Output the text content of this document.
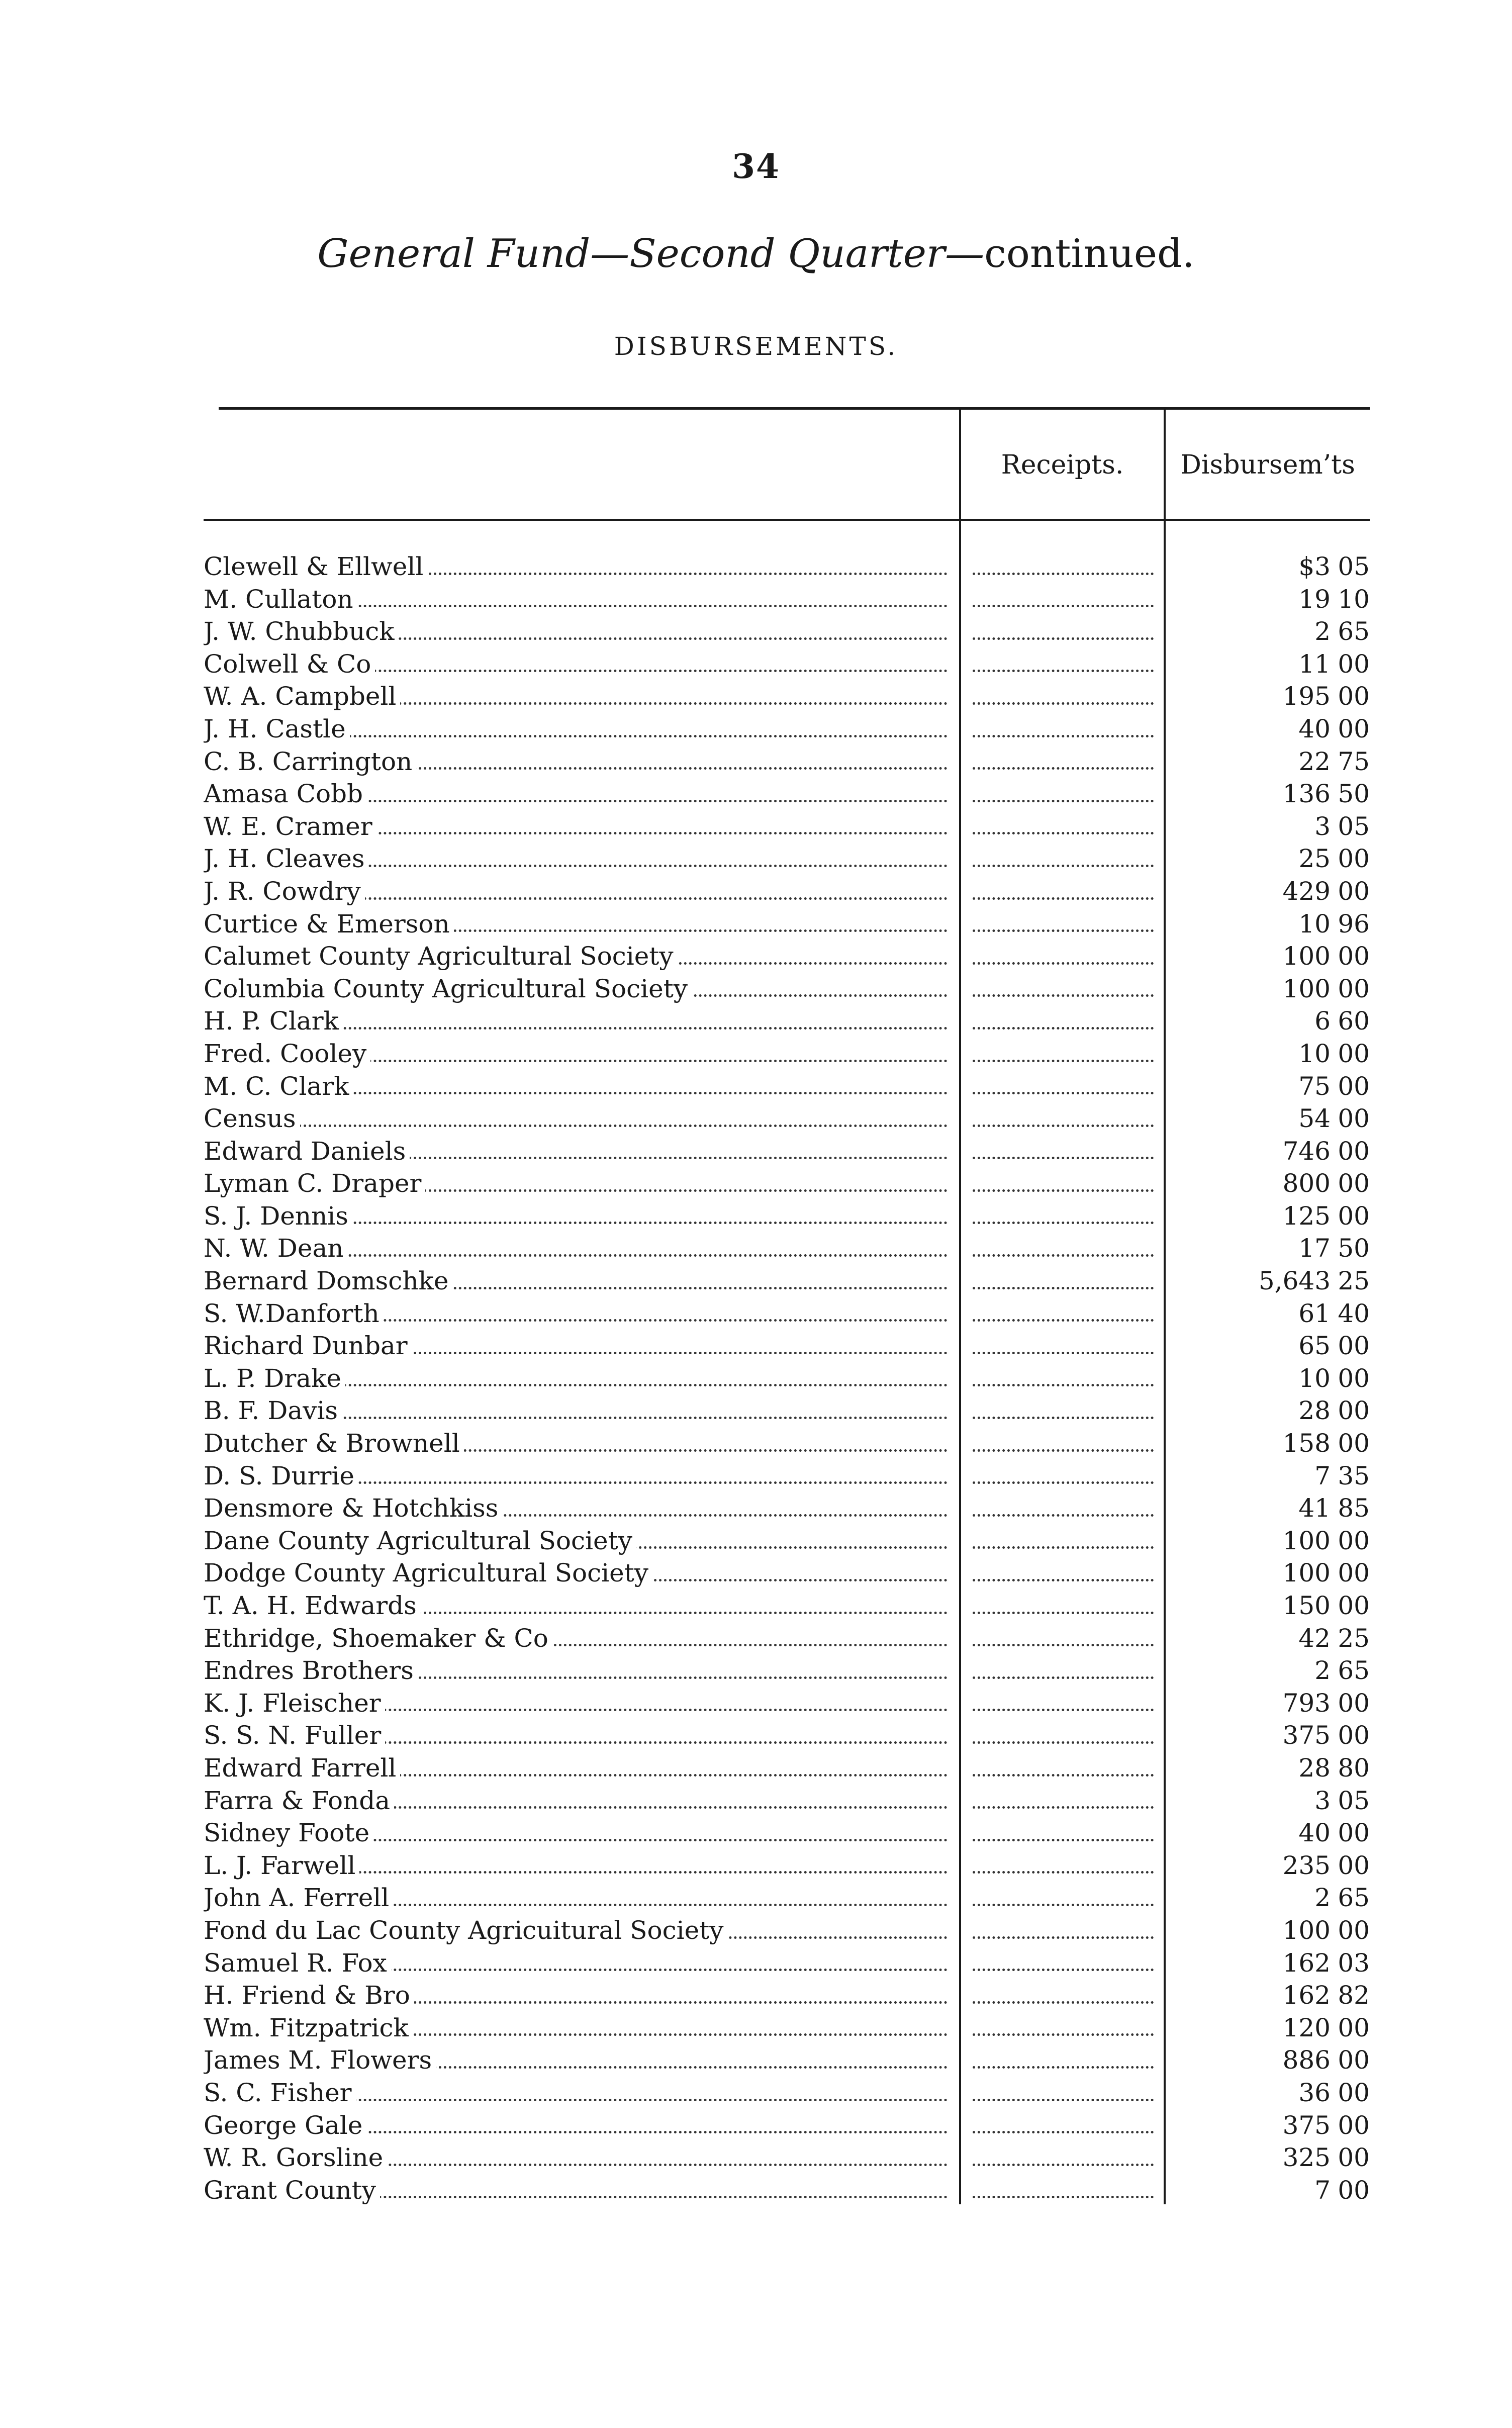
34
General Fund—Second Quarter—continued.
DISBURSEMENTS.
Receipts.	Disbursem’ts
Clewell & Ellwell	$3 05
M. Cullaton	19 10
J. W. Chubbuck	2 65
Colwell & Co	11 00
W. A. Campbell	195 00
J. H. Castle	40 00
C. B. Carrington	22 75
Amasa Cobb	136 50
W. E. Cramer	3 05
J. H. Cleaves	25 00
J. R. Cowdry	429 00
Curtice & Emerson	10 96
Calumet County Agricultural Society	100 00
Columbia County Agricultural Society	100 00
H. P. Clark	6 60
Fred. Cooley	10 00
M. C. Clark	75 00
Census	54 00
Edward Daniels	746 00
Lyman C. Draper	800 00
S. J. Dennis	125 00
N. W. Dean	17 50
Bernard Domschke	5,643 25
S. W.Danforth	61 40
Richard Dunbar	65 00
L. P. Drake	10 00
B. F. Davis	28 00
Dutcher & Brownell	158 00
D. S. Durrie	7 35
Densmore & Hotchkiss	41 85
Dane County Agricultural Society	100 00
Dodge County Agricultural Society	100 00
T. A. H. Edwards	150 00
Ethridge, Shoemaker & Co	42 25
Endres Brothers	2 65
K. J. Fleischer	793 00
S. S. N. Fuller	375 00
Edward Farrell	28 80
Farra & Fonda	3 05
Sidney Foote	40 00
L. J. Farwell	235 00
John A. Ferrell	2 65
Fond du Lac County Agricuitural Society	100 00
Samuel R. Fox	162 03
H. Friend & Bro	162 82
Wm. Fitzpatrick	120 00
James M. Flowers	886 00
S. C. Fisher	36 00
George Gale	375 00
W. R. Gorsline	325 00
Grant County	7 00
